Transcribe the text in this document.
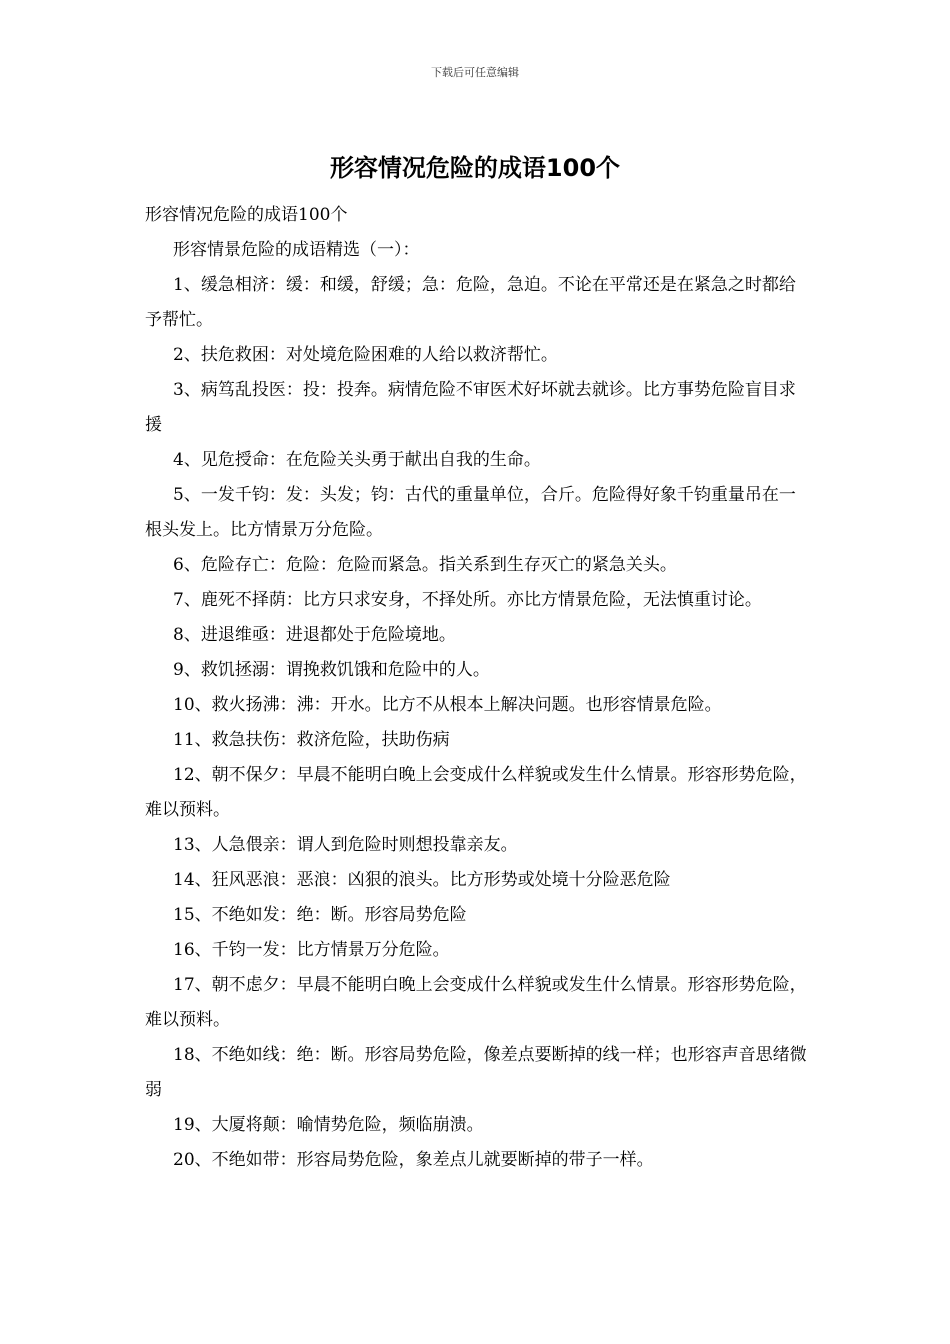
下载后可任意编辑
形容情况危险的成语100个

形容情况危险的成语100个

形容情景危险的成语精选（一）：

1、缓急相济：缓：和缓，舒缓；急：危险，急迫。不论在平常还是在紧急之时都给予帮忙。

2、扶危救困：对处境危险困难的人给以救济帮忙。

3、病笃乱投医：投：投奔。病情危险不审医术好坏就去就诊。比方事势危险盲目求援

4、见危授命：在危险关头勇于献出自我的生命。

5、一发千钧：发：头发；钧：古代的重量单位，合斤。危险得好象千钧重量吊在一根头发上。比方情景万分危险。

6、危险存亡：危险：危险而紧急。指关系到生存灭亡的紧急关头。

7、鹿死不择荫：比方只求安身，不择处所。亦比方情景危险，无法慎重讨论。

8、进退维亟：进退都处于危险境地。

9、救饥拯溺：谓挽救饥饿和危险中的人。

10、救火扬沸：沸：开水。比方不从根本上解决问题。也形容情景危险。

11、救急扶伤：救济危险，扶助伤病

12、朝不保夕：早晨不能明白晚上会变成什么样貌或发生什么情景。形容形势危险，难以预料。

13、人急偎亲：谓人到危险时则想投靠亲友。

14、狂风恶浪：恶浪：凶狠的浪头。比方形势或处境十分险恶危险

15、不绝如发：绝：断。形容局势危险

16、千钧一发：比方情景万分危险。

17、朝不虑夕：早晨不能明白晚上会变成什么样貌或发生什么情景。形容形势危险，难以预料。

18、不绝如线：绝：断。形容局势危险，像差点要断掉的线一样；也形容声音思绪微弱

19、大厦将颠：喻情势危险，频临崩溃。

20、不绝如带：形容局势危险，象差点儿就要断掉的带子一样。
